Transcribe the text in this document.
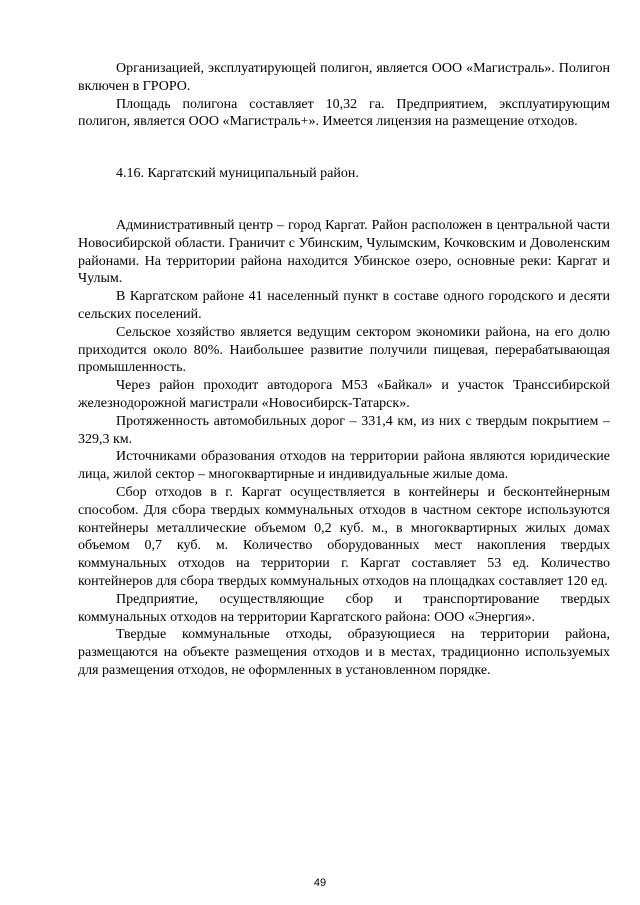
Организацией, эксплуатирующей полигон, является ООО «Магистраль». Полигон включен в ГРОРО.

Площадь полигона составляет 10,32 га. Предприятием, эксплуатирующим полигон, является ООО «Магистраль+». Имеется лицензия на размещение отходов.

4.16. Каргатский муниципальный район.

Административный центр – город Каргат. Район расположен в центральной части Новосибирской области. Граничит с Убинским, Чулымским, Кочковским и Доволенским районами. На территории района находится Убинское озеро, основные реки: Каргат и Чулым.

В Каргатском районе 41 населенный пункт в составе одного городского и десяти сельских поселений.

Сельское хозяйство является ведущим сектором экономики района, на его долю приходится около 80%. Наибольшее развитие получили пищевая, перерабатывающая промышленность.

Через район проходит автодорога М53 «Байкал» и участок Транссибирской железнодорожной магистрали «Новосибирск-Татарск».

Протяженность автомобильных дорог – 331,4 км, из них с твердым покрытием – 329,3 км.

Источниками образования отходов на территории района являются юридические лица, жилой сектор – многоквартирные и индивидуальные жилые дома.

Сбор отходов в г. Каргат осуществляется в контейнеры и бесконтейнерным способом. Для сбора твердых коммунальных отходов в частном секторе используются контейнеры металлические объемом 0,2 куб. м., в многоквартирных жилых домах объемом 0,7 куб. м. Количество оборудованных мест накопления твердых коммунальных отходов на территории г. Каргат составляет 53 ед. Количество контейнеров для сбора твердых коммунальных отходов на площадках составляет 120 ед.

Предприятие, осуществляющие сбор и транспортирование твердых коммунальных отходов на территории Каргатского района: ООО «Энергия».

Твердые коммунальные отходы, образующиеся на территории района, размещаются на объекте размещения отходов и в местах, традиционно используемых для размещения отходов, не оформленных в установленном порядке.

49
